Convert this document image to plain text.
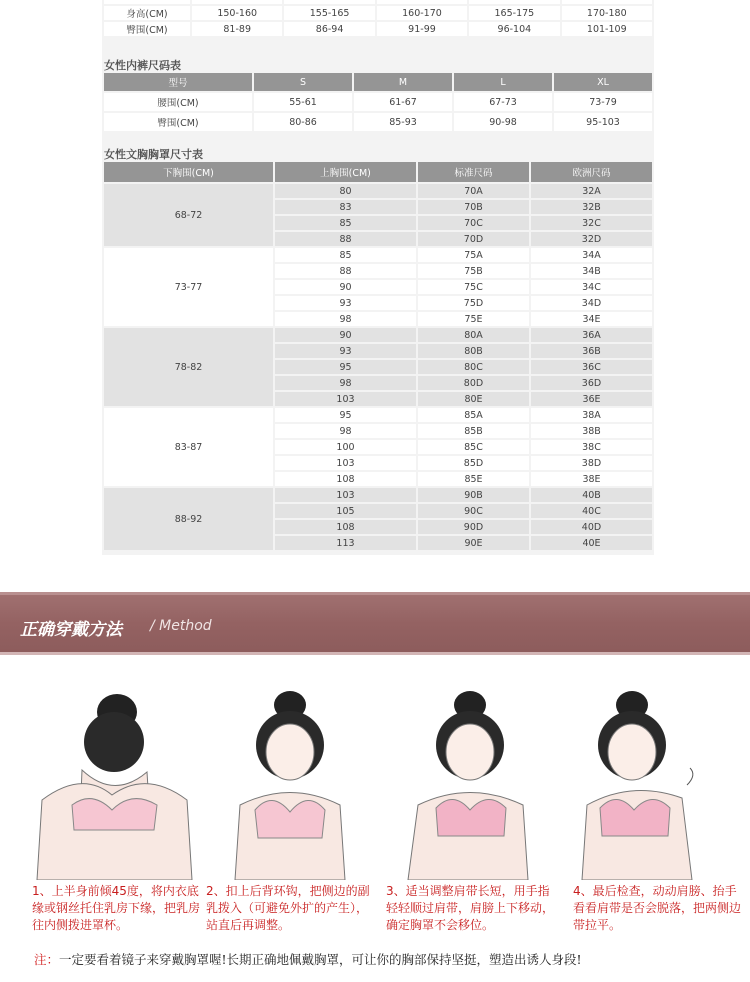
身高(CM)	150-160	155-165	160-170	165-175	170-180
臀围(CM)	81-89	86-94	91-99	96-104	101-109
女性内裤尺码表
型号	S	M	L	XL
腰围(CM)	55-61	61-67	67-73	73-79
臀围(CM)	80-86	85-93	90-98	95-103
女性文胸胸罩尺寸表
下胸围(CM)	上胸围(CM)	标准尺码	欧洲尺码
68-72	80	70A	32A
	83	70B	32B
	85	70C	32C
	88	70D	32D
73-77	85	75A	34A
	88	75B	34B
	90	75C	34C
	93	75D	34D
	98	75E	34E
78-82	90	80A	36A
	93	80B	36B
	95	80C	36C
	98	80D	36D
	103	80E	36E
83-87	95	85A	38A
	98	85B	38B
	100	85C	38C
	103	85D	38D
	108	85E	38E
88-92	103	90B	40B
	105	90C	40C
	108	90D	40D
	113	90E	40E
正确穿戴方法 / Method
1、上半身前倾45度，将内衣底缘或钢丝托住乳房下缘，把乳房往内侧拨进罩杯。
2、扣上后背环钩，把侧边的副乳拨入（可避免外扩的产生），站直后再调整。
3、适当调整肩带长短，用手指轻轻顺过肩带，肩膀上下移动，确定胸罩不会移位。
4、最后检查，动动肩膀、抬手看看肩带是否会脱落，把两侧边带拉平。
注：一定要看着镜子来穿戴胸罩喔!长期正确地佩戴胸罩，可让你的胸部保持坚挺，塑造出诱人身段!
